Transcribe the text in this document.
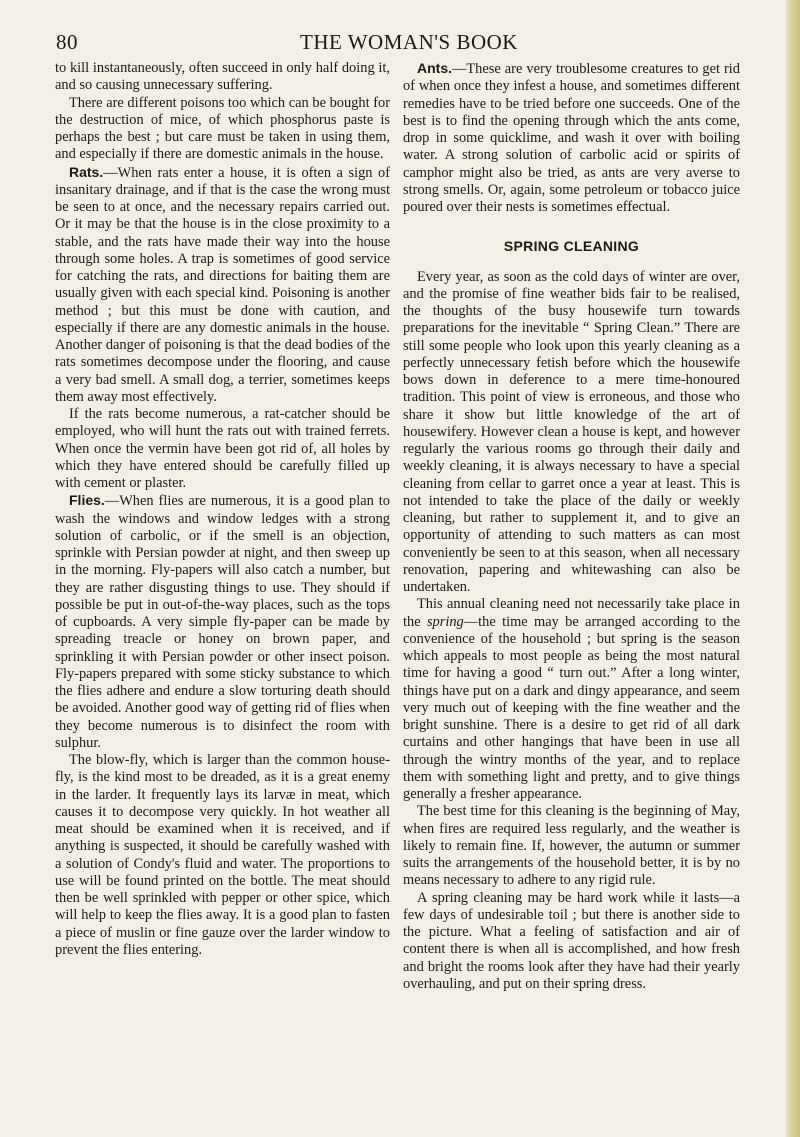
80	THE WOMAN'S BOOK

to kill instantaneously, often succeed in only half doing it, and so causing unnecessary suffering.

There are different poisons too which can be bought for the destruction of mice, of which phosphorus paste is perhaps the best ; but care must be taken in using them, and especially if there are domestic animals in the house.

Rats.—When rats enter a house, it is often a sign of insanitary drainage, and if that is the case the wrong must be seen to at once, and the necessary repairs carried out. Or it may be that the house is in the close proximity to a stable, and the rats have made their way into the house through some holes. A trap is sometimes of good service for catching the rats, and directions for baiting them are usually given with each special kind. Poisoning is another method ; but this must be done with caution, and especially if there are any domestic animals in the house. Another danger of poisoning is that the dead bodies of the rats sometimes decompose under the flooring, and cause a very bad smell. A small dog, a terrier, sometimes keeps them away most effectively.

If the rats become numerous, a rat-catcher should be employed, who will hunt the rats out with trained ferrets. When once the vermin have been got rid of, all holes by which they have entered should be carefully filled up with cement or plaster.

Flies.—When flies are numerous, it is a good plan to wash the windows and window ledges with a strong solution of carbolic, or if the smell is an objection, sprinkle with Persian powder at night, and then sweep up in the morning. Fly-papers will also catch a number, but they are rather disgusting things to use. They should if possible be put in out-of-the-way places, such as the tops of cupboards. A very simple fly-paper can be made by spreading treacle or honey on brown paper, and sprinkling it with Persian powder or other insect poison. Fly-papers prepared with some sticky substance to which the flies adhere and endure a slow torturing death should be avoided. Another good way of getting rid of flies when they become numerous is to disinfect the room with sulphur.

The blow-fly, which is larger than the common house-fly, is the kind most to be dreaded, as it is a great enemy in the larder. It frequently lays its larvæ in meat, which causes it to decompose very quickly. In hot weather all meat should be examined when it is received, and if anything is suspected, it should be carefully washed with a solution of Condy's fluid and water. The proportions to use will be found printed on the bottle. The meat should then be well sprinkled with pepper or other spice, which will help to keep the flies away. It is a good plan to fasten a piece of muslin or fine gauze over the larder window to prevent the flies entering.

Ants.—These are very troublesome creatures to get rid of when once they infest a house, and sometimes different remedies have to be tried before one succeeds. One of the best is to find the opening through which the ants come, drop in some quicklime, and wash it over with boiling water. A strong solution of carbolic acid or spirits of camphor might also be tried, as ants are very averse to strong smells. Or, again, some petroleum or tobacco juice poured over their nests is sometimes effectual.

SPRING CLEANING

Every year, as soon as the cold days of winter are over, and the promise of fine weather bids fair to be realised, the thoughts of the busy housewife turn towards preparations for the inevitable “ Spring Clean.” There are still some people who look upon this yearly cleaning as a perfectly unnecessary fetish before which the housewife bows down in deference to a mere time-honoured tradition. This point of view is erroneous, and those who share it show but little knowledge of the art of housewifery. However clean a house is kept, and however regularly the various rooms go through their daily and weekly cleaning, it is always necessary to have a special cleaning from cellar to garret once a year at least. This is not intended to take the place of the daily or weekly cleaning, but rather to supplement it, and to give an opportunity of attending to such matters as can most conveniently be seen to at this season, when all necessary renovation, papering and whitewashing can also be undertaken.

This annual cleaning need not necessarily take place in the spring—the time may be arranged according to the convenience of the household ; but spring is the season which appeals to most people as being the most natural time for having a good “ turn out.” After a long winter, things have put on a dark and dingy appearance, and seem very much out of keeping with the fine weather and the bright sunshine. There is a desire to get rid of all dark curtains and other hangings that have been in use all through the wintry months of the year, and to replace them with something light and pretty, and to give things generally a fresher appearance.

The best time for this cleaning is the beginning of May, when fires are required less regularly, and the weather is likely to remain fine. If, however, the autumn or summer suits the arrangements of the household better, it is by no means necessary to adhere to any rigid rule.

A spring cleaning may be hard work while it lasts—a few days of undesirable toil ; but there is another side to the picture. What a feeling of satisfaction and air of content there is when all is accomplished, and how fresh and bright the rooms look after they have had their yearly overhauling, and put on their spring dress.
